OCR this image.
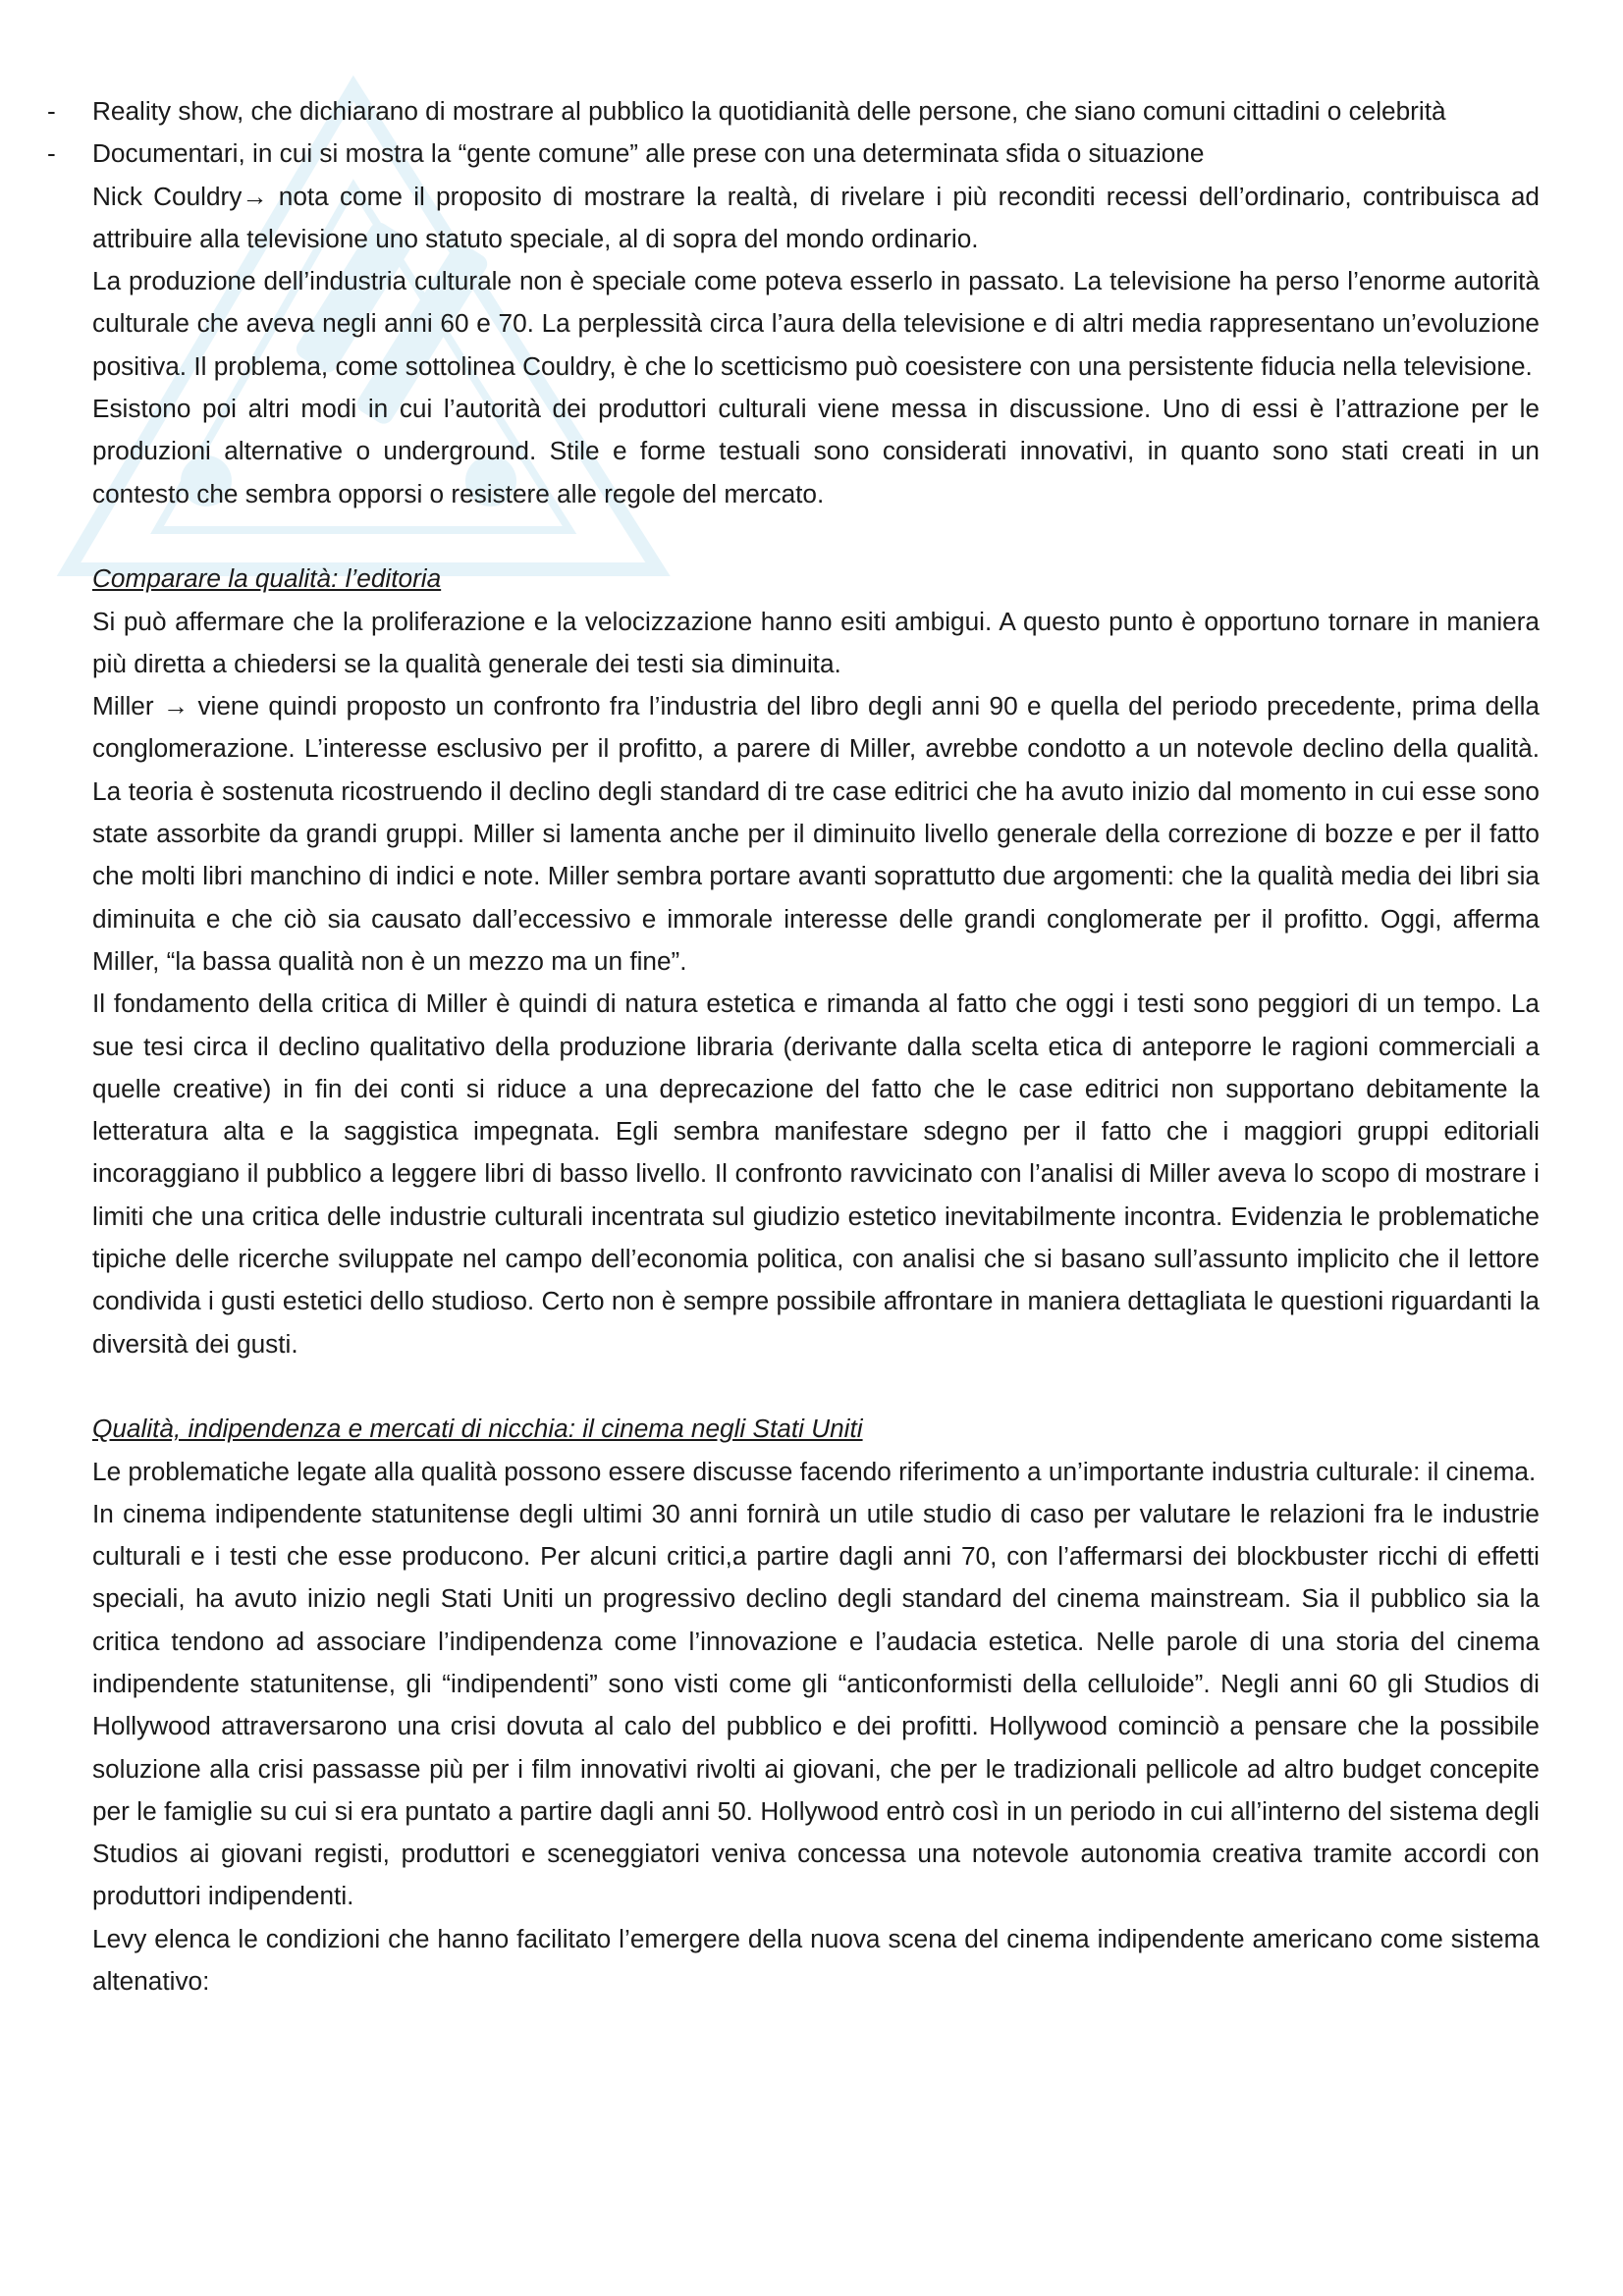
- Reality show, che dichiarano di mostrare al pubblico la quotidianità delle persone, che siano comuni cittadini o celebrità

- Documentari, in cui si mostra la “gente comune” alle prese con una determinata sfida o situazione

Nick Couldry→ nota come il proposito di mostrare la realtà, di rivelare i più reconditi recessi dell’ordinario, contribuisca ad attribuire alla televisione uno statuto speciale, al di sopra del mondo ordinario.

La produzione dell’industria culturale non è speciale come poteva esserlo in passato. La televisione ha perso l’enorme autorità culturale che aveva negli anni 60 e 70. La perplessità circa l’aura della televisione e di altri media rappresentano un’evoluzione positiva. Il problema, come sottolinea Couldry, è che lo scetticismo può coesistere con una persistente fiducia nella televisione.

Esistono poi altri modi in cui l’autorità dei produttori culturali viene messa in discussione. Uno di essi è l’attrazione per le produzioni alternative o underground. Stile e forme testuali sono considerati innovativi, in quanto sono stati creati in un contesto che sembra opporsi o resistere alle regole del mercato.

Comparare la qualità: l’editoria

Si può affermare che la proliferazione e la velocizzazione hanno esiti ambigui. A questo punto è opportuno tornare in maniera più diretta a chiedersi se la qualità generale dei testi sia diminuita.

Miller → viene quindi proposto un confronto fra l’industria del libro degli anni 90 e quella del periodo precedente, prima della conglomerazione. L’interesse esclusivo per il profitto, a parere di Miller, avrebbe condotto a un notevole declino della qualità. La teoria è sostenuta ricostruendo il declino degli standard di tre case editrici che ha avuto inizio dal momento in cui esse sono state assorbite da grandi gruppi. Miller si lamenta anche per il diminuito livello generale della correzione di bozze e per il fatto che molti libri manchino di indici e note. Miller sembra portare avanti soprattutto due argomenti: che la qualità media dei libri sia diminuita e che ciò sia causato dall’eccessivo e immorale interesse delle grandi conglomerate per il profitto. Oggi, afferma Miller, “la bassa qualità non è un mezzo ma un fine”.

Il fondamento della critica di Miller è quindi di natura estetica e rimanda al fatto che oggi i testi sono peggiori di un tempo. La sue tesi circa il declino qualitativo della produzione libraria (derivante dalla scelta etica di anteporre le ragioni commerciali a quelle creative) in fin dei conti si riduce a una deprecazione del fatto che le case editrici non supportano debitamente la letteratura alta e la saggistica impegnata. Egli sembra manifestare sdegno per il fatto che i maggiori gruppi editoriali incoraggiano il pubblico a leggere libri di basso livello. Il confronto ravvicinato con l’analisi di Miller aveva lo scopo di mostrare i limiti che una critica delle industrie culturali incentrata sul giudizio estetico inevitabilmente incontra. Evidenzia le problematiche tipiche delle ricerche sviluppate nel campo dell’economia politica, con analisi che si basano sull’assunto implicito che il lettore condivida i gusti estetici dello studioso. Certo non è sempre possibile affrontare in maniera dettagliata le questioni riguardanti la diversità dei gusti.

Qualità, indipendenza e mercati di nicchia: il cinema negli Stati Uniti

Le problematiche legate alla qualità possono essere discusse facendo riferimento a un’importante industria culturale: il cinema.

In cinema indipendente statunitense degli ultimi 30 anni fornirà un utile studio di caso per valutare le relazioni fra le industrie culturali e i testi che esse producono. Per alcuni critici,a partire dagli anni 70, con l’affermarsi dei blockbuster ricchi di effetti speciali, ha avuto inizio negli Stati Uniti un progressivo declino degli standard del cinema mainstream. Sia il pubblico sia la critica tendono ad associare l’indipendenza come l’innovazione e l’audacia estetica. Nelle parole di una storia del cinema indipendente statunitense, gli “indipendenti” sono visti come gli “anticonformisti della celluloide”. Negli anni 60 gli Studios di Hollywood attraversarono una crisi dovuta al calo del pubblico e dei profitti. Hollywood cominciò a pensare che la possibile soluzione alla crisi passasse più per i film innovativi rivolti ai giovani, che per le tradizionali pellicole ad altro budget concepite per le famiglie su cui si era puntato a partire dagli anni 50. Hollywood entrò così in un periodo in cui all’interno del sistema degli Studios ai giovani registi, produttori e sceneggiatori veniva concessa una notevole autonomia creativa tramite accordi con produttori indipendenti.

Levy elenca le condizioni che hanno facilitato l’emergere della nuova scena del cinema indipendente americano come sistema altenativo:
